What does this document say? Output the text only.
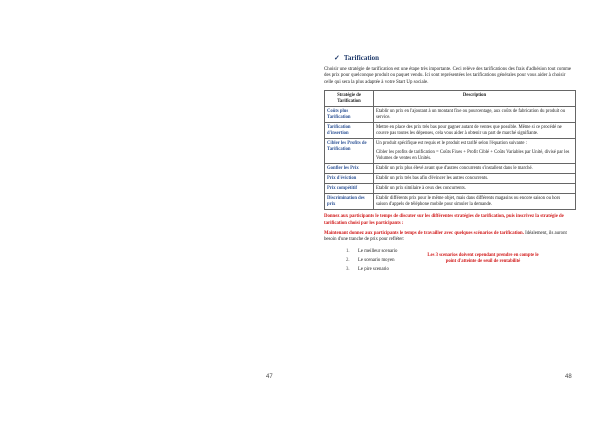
47
✓ Tarification

Choisir une stratégie de tarification est une étape très importante. Ceci relève des tarifications des frais d'adhésion tout comme des prix pour quelconque produit ou paquet vendu. Ici sont représentées les tarifications générales pour vous aider à choisir celle qui sera la plus adaptée à votre Start Up sociale.

Stratégie de Tarification	Description
Coûts plus Tarification	Etablir un prix en l'ajoutant à un montant fixe ou pourcentage, aux coûts de fabrication du produit ou service.
Tarification d'insertion	Mettre en place des prix très bas pour gagner autant de ventes que possible. Même si ce procédé ne couvre pas toutes les dépenses, cela vous aider à obtenir un part de marché signifiante.
Cibler les Profits de Tarification	Un produit spécifique est requis et le produit est tarifé selon l'équation suivante :
Cibler les profits de tarification = Coûts Fixes + Profit Ciblé + Coûts Variables par Unité, divisé par les Volumes de ventes en Unités.

Gonfler les Prix	Etablir un prix plus élevé avant que d'autres concurrents s'installent dans le marché.
Prix d'éviction	Etablir un prix très bas afin d'évincer les autres concurrents.
Prix compétitif	Etablir un prix similaire à ceux des concurrents.
Discrimination des prix	Etablir différents prix pour le même objet, mais dans différents magasins ou encore saison ou hors saison d'appels de téléphone mobile pour simuler la demande.

Donnez aux participants le temps de discuter sur les différentes stratégies de tarification, puis inscrivez la stratégie de tarification choisi par les participants :

Maintenant donnez aux participants le temps de travailler avec quelques scénarios de tarification. Idéalement, ils auront besoin d'une tranche de prix pour refléter:

1. Le meilleur scenario
2. Le scenario moyen
3. Le pire scenario
Les 3 scenarios doivent cependant prendre en compte le point d'atteinte de seuil de rentabilité
48
